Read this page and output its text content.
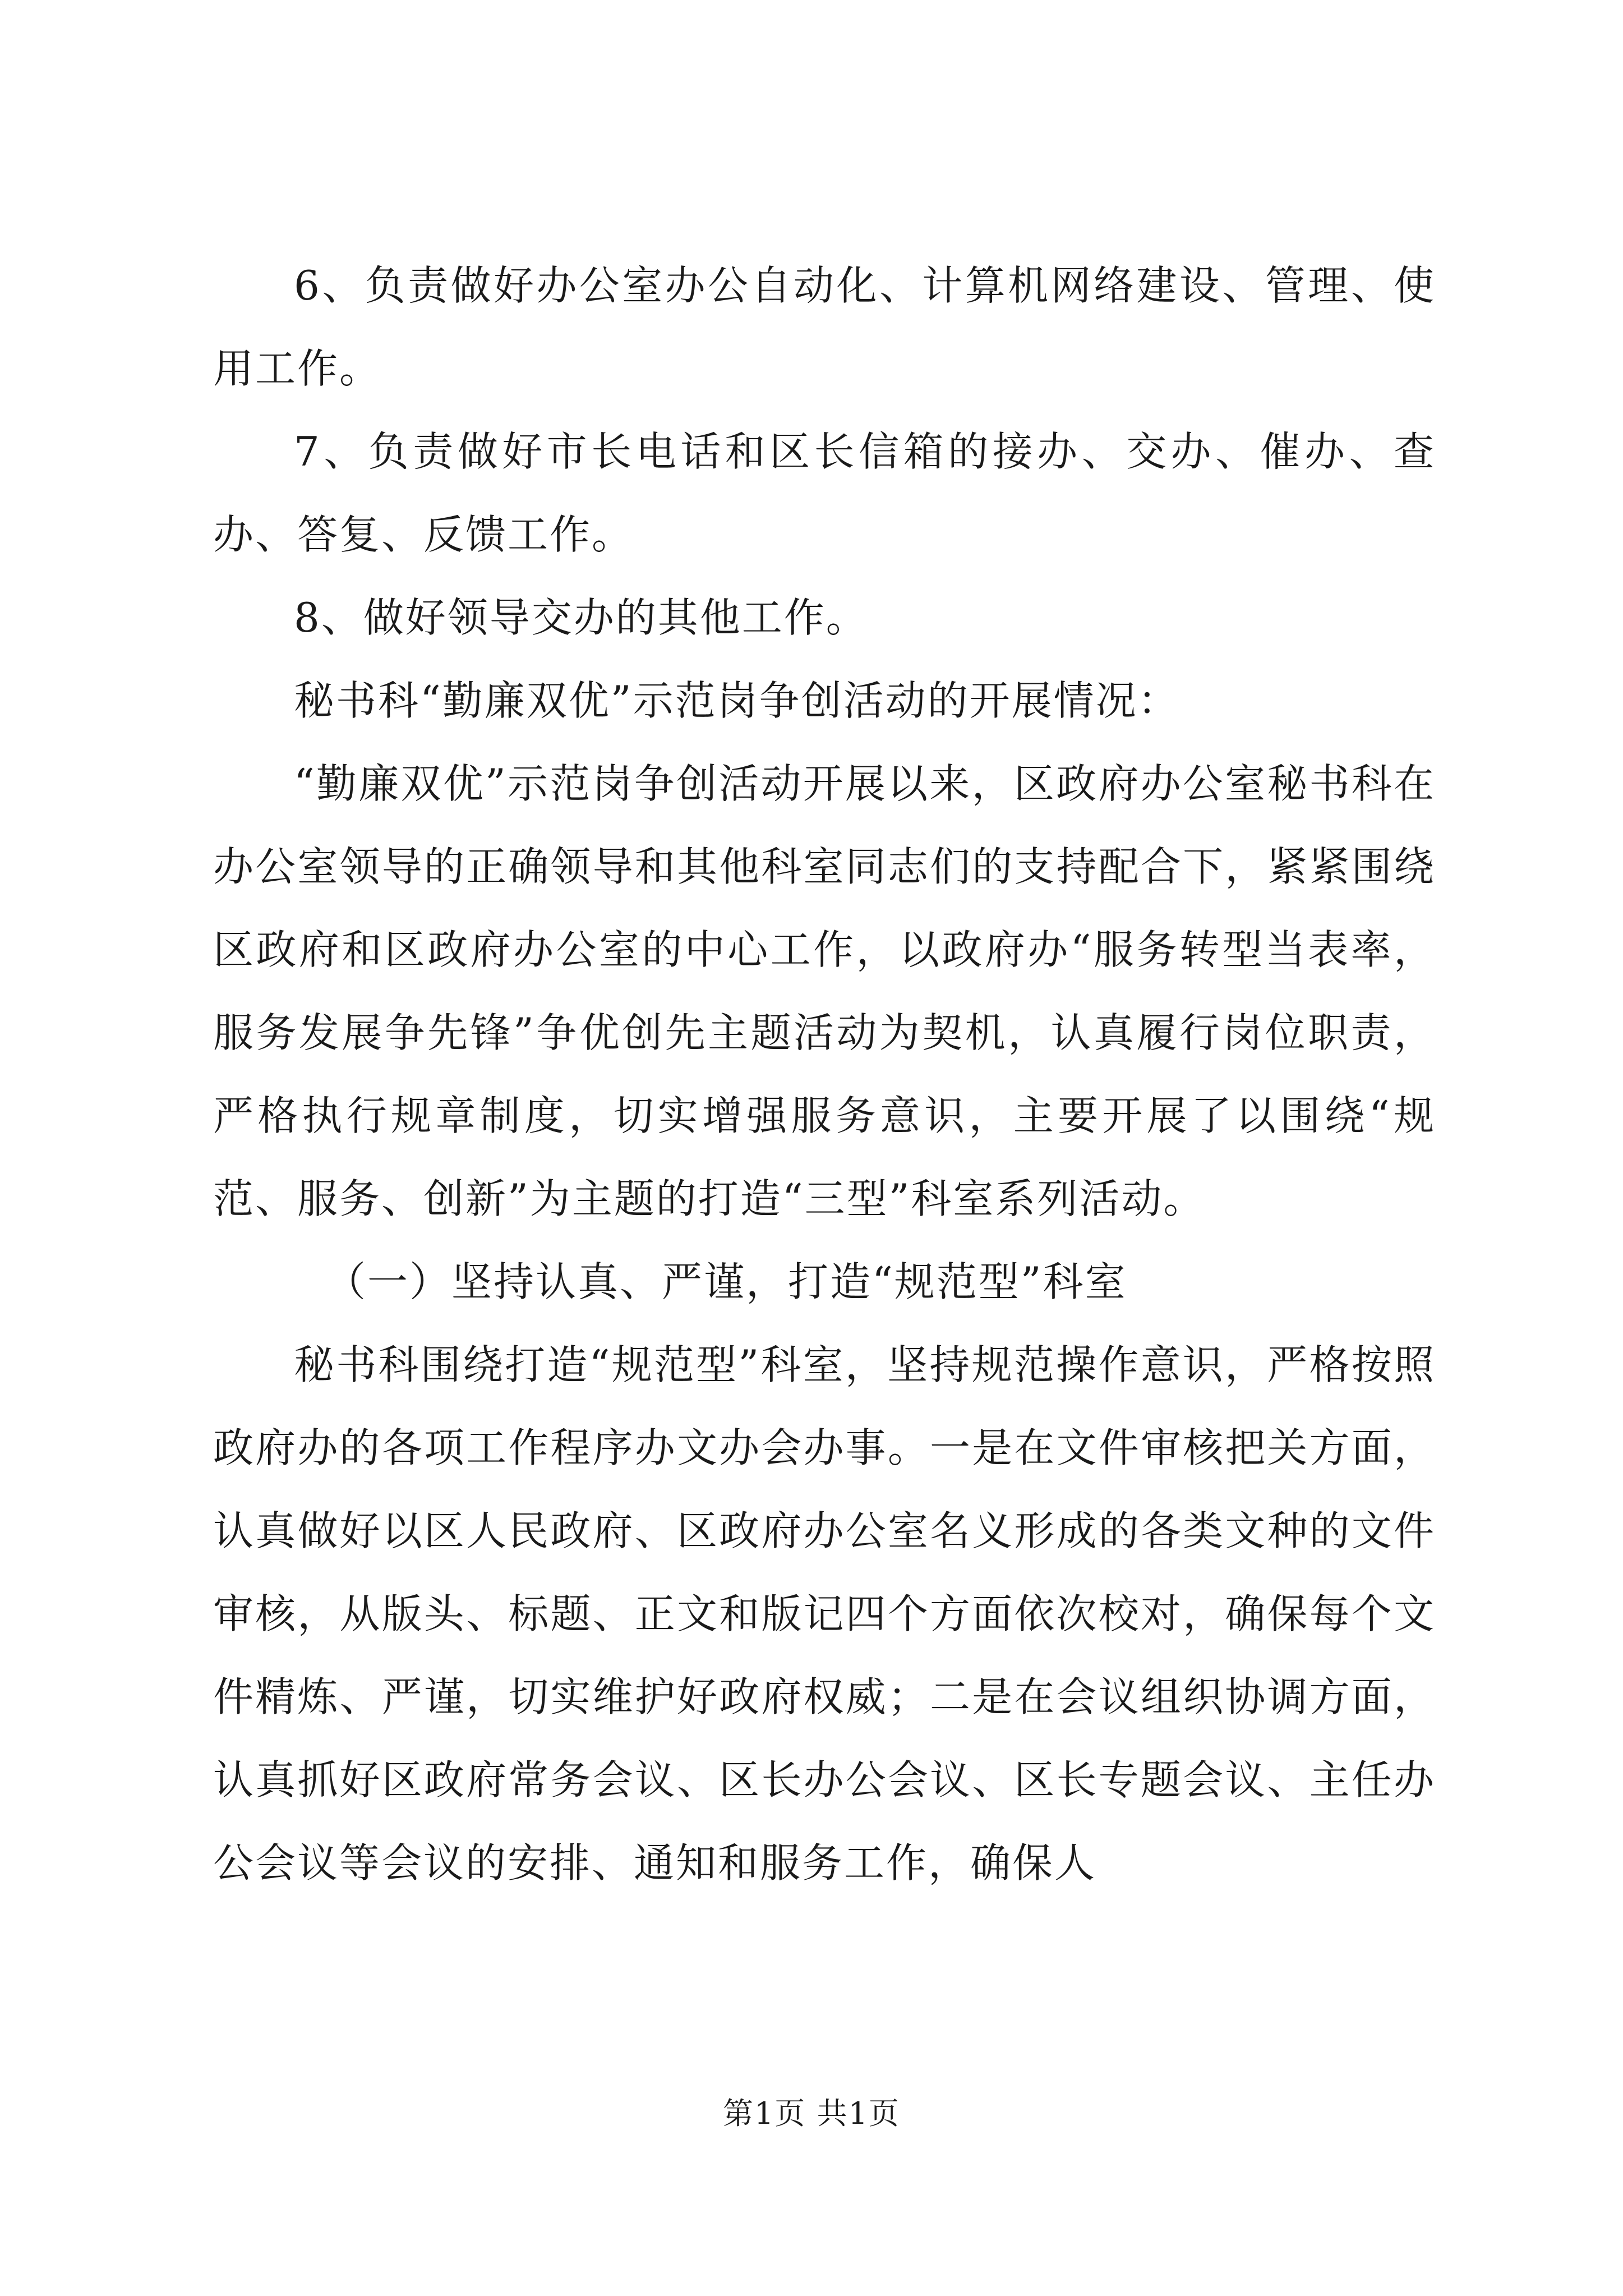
6、负责做好办公室办公自动化、计算机网络建设、管理、使用工作。

7、负责做好市长电话和区长信箱的接办、交办、催办、查办、答复、反馈工作。

8、做好领导交办的其他工作。

秘书科“勤廉双优”示范岗争创活动的开展情况：

“勤廉双优”示范岗争创活动开展以来，区政府办公室秘书科在办公室领导的正确领导和其他科室同志们的支持配合下，紧紧围绕区政府和区政府办公室的中心工作，以政府办“服务转型当表率，服务发展争先锋”争优创先主题活动为契机，认真履行岗位职责，严格执行规章制度，切实增强服务意识，主要开展了以围绕“规范、服务、创新”为主题的打造“三型”科室系列活动。

（一）坚持认真、严谨，打造“规范型”科室

秘书科围绕打造“规范型”科室，坚持规范操作意识，严格按照政府办的各项工作程序办文办会办事。一是在文件审核把关方面，认真做好以区人民政府、区政府办公室名义形成的各类文种的文件审核，从版头、标题、正文和版记四个方面依次校对，确保每个文件精炼、严谨，切实维护好政府权威；二是在会议组织协调方面，认真抓好区政府常务会议、区长办公会议、区长专题会议、主任办公会议等会议的安排、通知和服务工作，确保人

第1页 共1页
